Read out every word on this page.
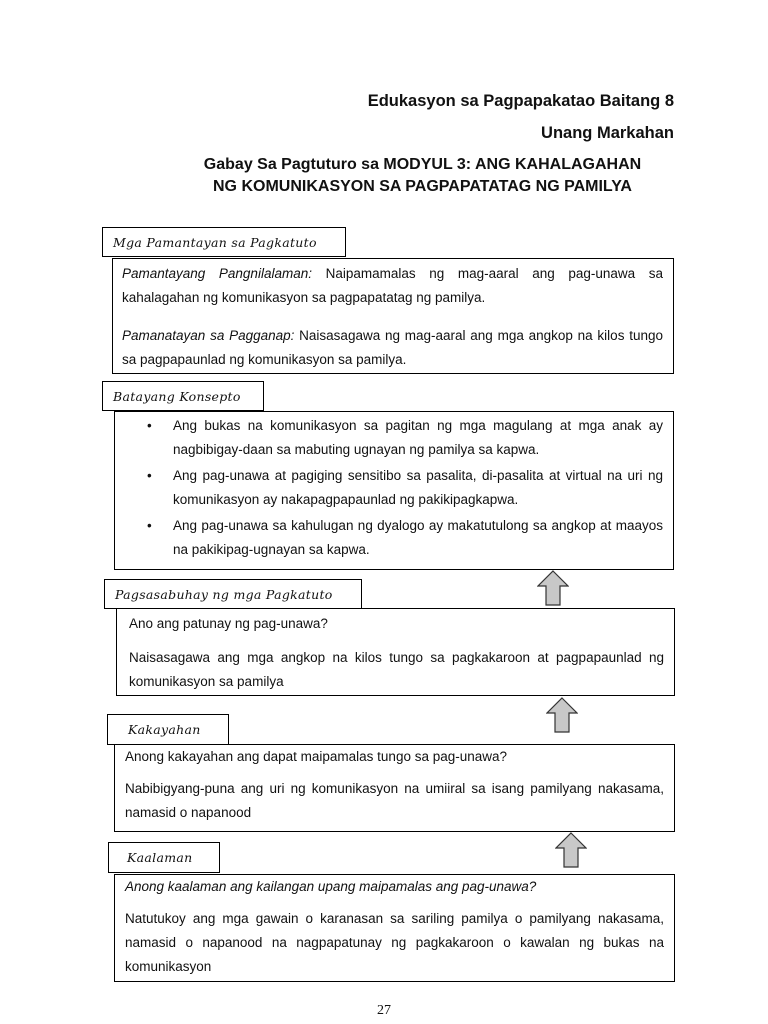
Edukasyon sa Pagpapakatao Baitang 8
Unang Markahan
Gabay Sa Pagtuturo sa MODYUL 3: ANG KAHALAGAHAN
NG KOMUNIKASYON SA PAGPAPATATAG NG PAMILYA
Mga Pamantayan sa Pagkatuto

Pamantayang Pangnilalaman: Naipamamalas ng mag-aaral ang pag-unawa sa kahalagahan ng komunikasyon sa pagpapatatag ng pamilya.

Pamanatayan sa Pagganap: Naisasagawa ng mag-aaral ang mga angkop na kilos tungo sa pagpapaunlad ng komunikasyon sa pamilya.

Batayang Konsepto
• Ang bukas na komunikasyon sa pagitan ng mga magulang at mga anak ay nagbibigay-daan sa mabuting ugnayan ng pamilya sa kapwa.
• Ang pag-unawa at pagiging sensitibo sa pasalita, di-pasalita at virtual na uri ng komunikasyon ay nakapagpapaunlad ng pakikipagkapwa.
• Ang pag-unawa sa kahulugan ng dyalogo ay makatutulong sa angkop at maayos na pakikipag-ugnayan sa kapwa.
Pagsasabuhay ng mga Pagkatuto

Ano ang patunay ng pag-unawa?

Naisasagawa ang mga angkop na kilos tungo sa pagkakaroon at pagpapaunlad ng komunikasyon sa pamilya

Kakayahan

Anong kakayahan ang dapat maipamalas tungo sa pag-unawa?

Nabibigyang-puna ang uri ng komunikasyon na umiiral sa isang pamilyang nakasama, namasid o napanood

Kaalaman

Anong kaalaman ang kailangan upang maipamalas ang pag-unawa?

Natutukoy ang mga gawain o karanasan sa sariling pamilya o pamilyang nakasama, namasid o napanood na nagpapatunay ng pagkakaroon o kawalan ng bukas na komunikasyon

27
